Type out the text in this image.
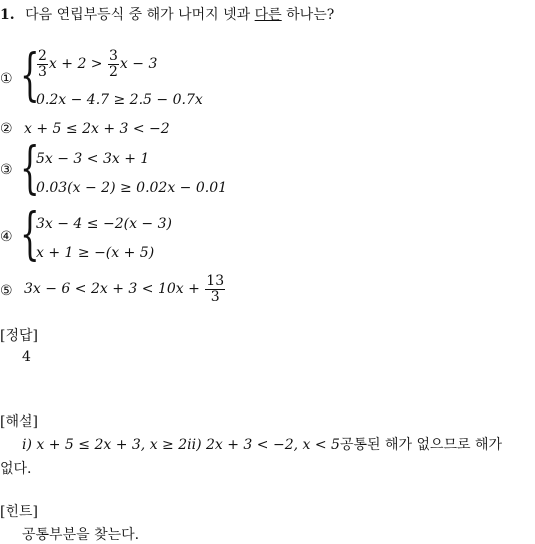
1. 다음 연립부등식 중 해가 나머지 넷과 다른 하나는?
① {
$\frac{2}{3}$ $x + 2 > \frac{3}{2}$ x − 3
0.2x − 4.7 ≥ 2.5 − 0.7x
② x + 5 ≤ 2x + 3 < −2
③ {
5x − 3 < 3x + 1
0.03(x − 2) ≥ 0.02x − 0.01
④ {
3x − 4 ≤ −2(x − 3)
x + 1 ≥ −(x + 5)
⑤ $3x - 6 < 2x + 3 < 10x + \frac{13}{3}$
[정답]
4
[해설]
i) x + 5 ≤ 2x + 3, x ≥ 2ii) 2x + 3 < −2, x < 5공통된 해가 없으므로 해가
없다.
[힌트]
공통부분을 찾는다.
